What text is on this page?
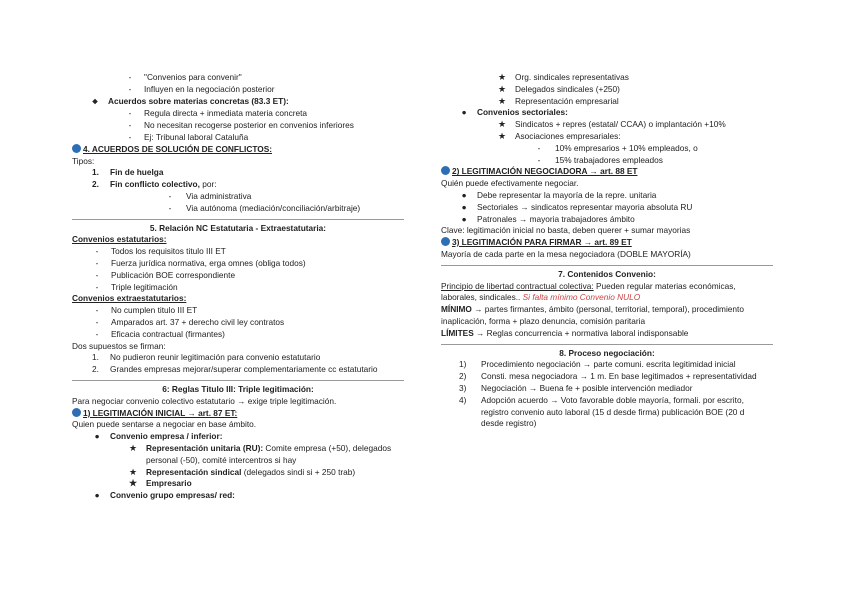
- "Convenios para convenir"
- Influyen en la negociación posterior
❖ Acuerdos sobre materias concretas (83.3 ET):
- Regula directa + inmediata materia concreta
- No necesitan recogerse posterior en convenios inferiores
- Ej: Tribunal laboral Cataluña
4. ACUERDOS DE SOLUCIÓN DE CONFLICTOS:
Tipos:
1. Fin de huelga
2. Fin conflicto colectivo, por:
- Via administrativa
- Via autónoma (mediación/conciliación/arbitraje)
5. Relación NC Estatutaria - Extraestatutaria:
Convenios estatutarios:
- Todos los requisitos titulo III ET
- Fuerza jurídica normativa, erga omnes (obliga todos)
- Publicación BOE correspondiente
- Triple legitimación
Convenios extraestatutarios:
- No cumplen titulo III ET
- Amparados art. 37 + derecho civil ley contratos
- Eficacia contractual (firmantes)
Dos supuestos se firman:
1. No pudieron reunir legitimación para convenio estatutario
2. Grandes empresas mejorar/superar complementariamente cc estatutario
6: Reglas Titulo III: Triple legitimación:
Para negociar convenio colectivo estatutario → exige triple legitimación.
1) LEGITIMACIÓN INICIAL → art. 87 ET:
Quien puede sentarse a negociar en base ámbito.
● Convenio empresa / inferior:
★ Representación unitaria (RU): Comite empresa (+50), delegados
personal (-50), comité intercentros si hay
★ Representación sindical (delegados sindi si + 250 trab)
★ Empresario
● Convenio grupo empresas/ red:
★ Org. sindicales representativas
★ Delegados sindicales (+250)
★ Representación empresarial
● Convenios sectoriales:
★ Sindicatos + repres (estatal/ CCAA) o implantación +10%
★ Asociaciones empresariales:
- 10% empresarios + 10% empleados, o
- 15% trabajadores empleados
2) LEGITIMACIÓN NEGOCIADORA → art. 88 ET
Quién puede efectivamente negociar.
● Debe representar la mayoría de la repre. unitaria
● Sectoriales → sindicatos representar mayoria absoluta RU
● Patronales → mayoria trabajadores ámbito
Clave: legitimación inicial no basta, deben querer + sumar mayorias
3) LEGITIMACIÓN PARA FIRMAR → art. 89 ET
Mayoría de cada parte en la mesa negociadora (DOBLE MAYORÍA)
7. Contenidos Convenio:
Principio de libertad contractual colectiva: Pueden regular materias económicas,
laborales, sindicales.. Si falta mínimo Convenio NULO
MÍNIMO → partes firmantes, ámbito (personal, territorial, temporal), procedimiento
inaplicación, forma + plazo denuncia, comisión paritaria
LÍMITES → Reglas concurrencia + normativa laboral indisponsable
8. Proceso negociación:
1) Procedimiento negociación → parte comuni. escrita legitimidad inicial
2) Consti. mesa negociadora → 1 m. En base legitimados + representatividad
3) Negociación → Buena fe + posible intervención mediador
4) Adopción acuerdo → Voto favorable doble mayoría, formali. por escrito,
registro convenio auto laboral (15 d desde firma) publicación BOE (20 d
desde registro)
